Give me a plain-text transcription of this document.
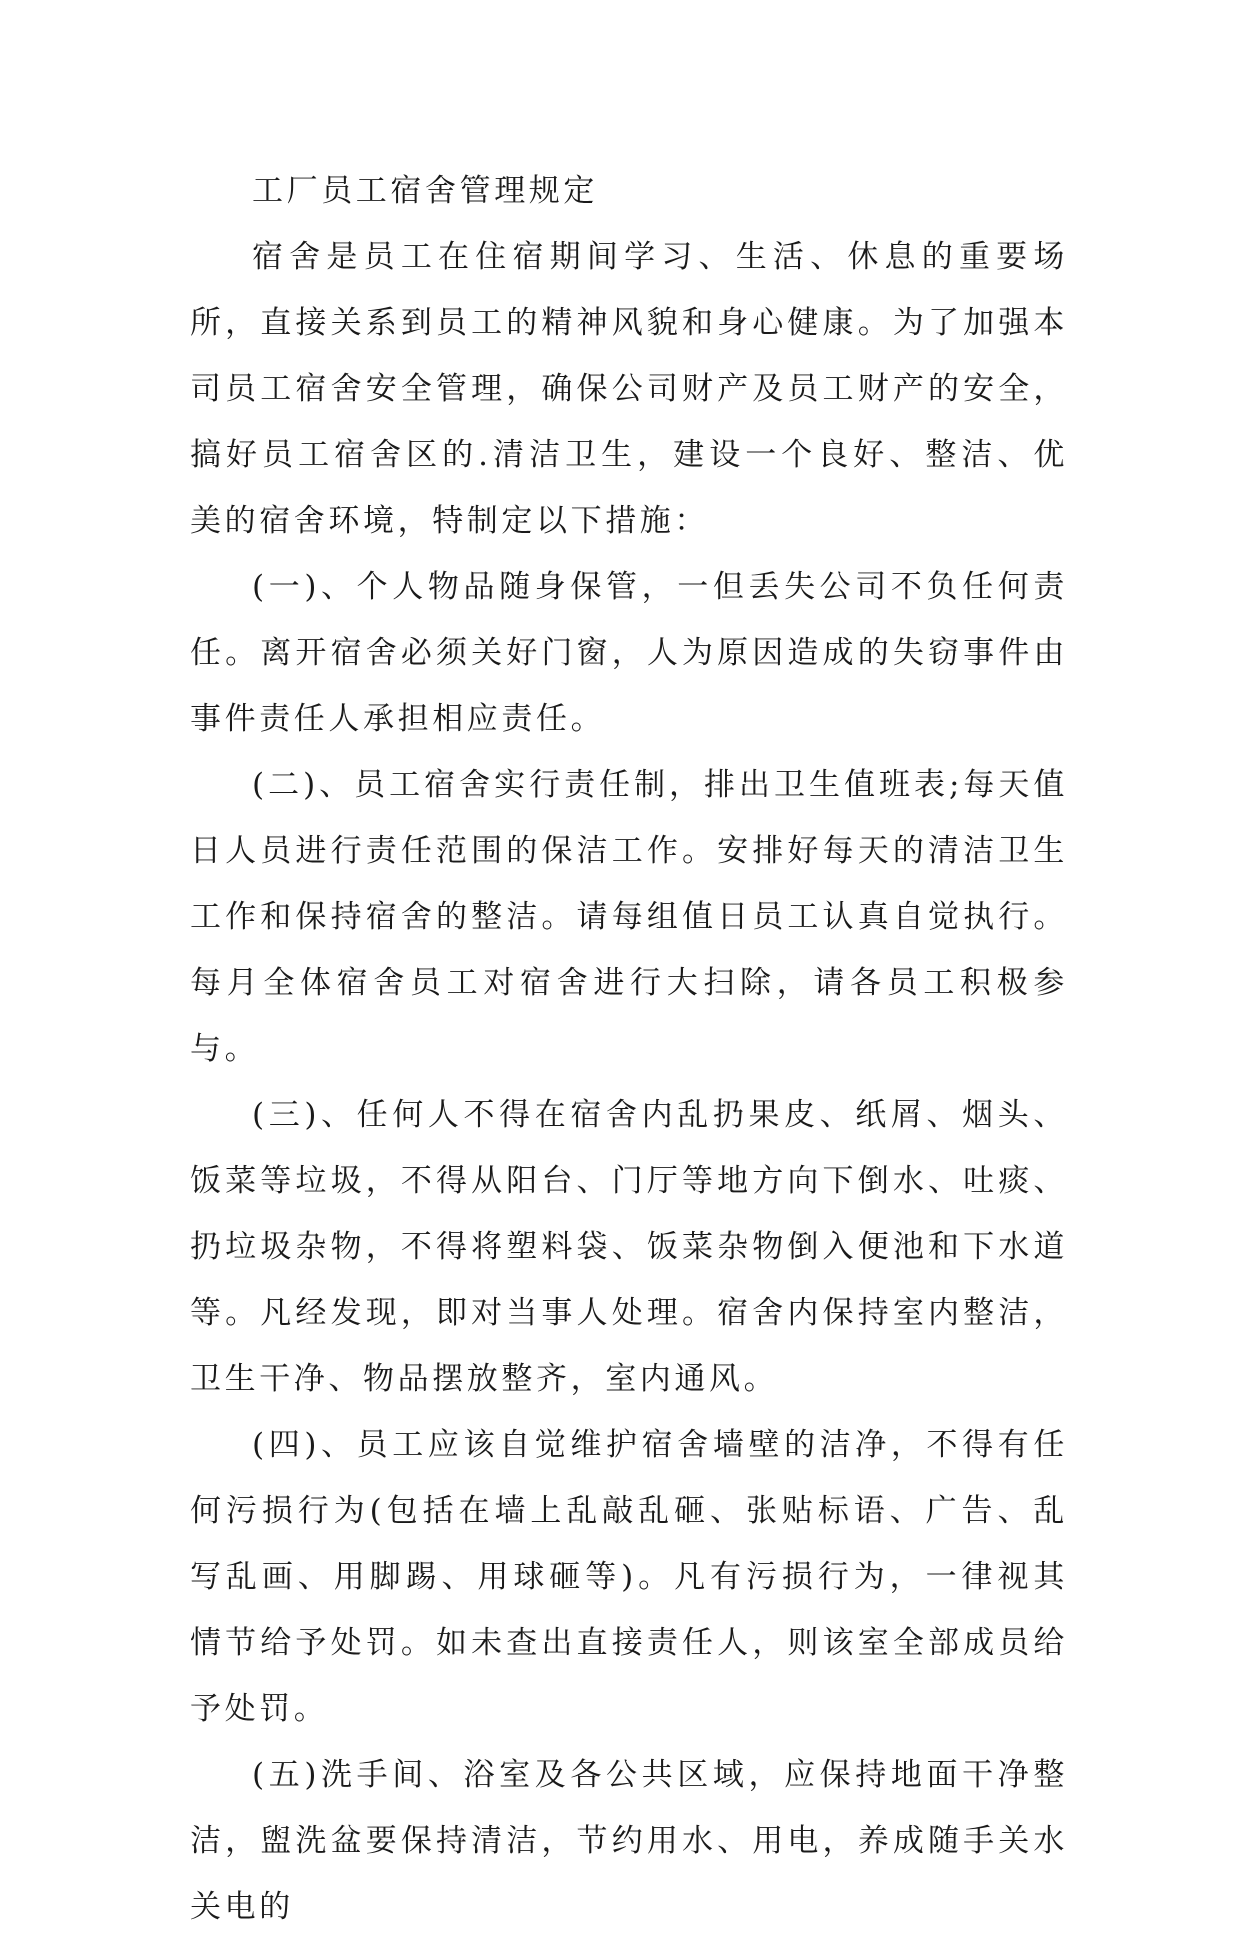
工厂员工宿舍管理规定

宿舍是员工在住宿期间学习、生活、休息的重要场所，直接关系到员工的精神风貌和身心健康。为了加强本司员工宿舍安全管理，确保公司财产及员工财产的安全，搞好员工宿舍区的.清洁卫生，建设一个良好、整洁、优美的宿舍环境，特制定以下措施：

(一)、个人物品随身保管，一但丢失公司不负任何责任。离开宿舍必须关好门窗，人为原因造成的失窃事件由事件责任人承担相应责任。

(二)、员工宿舍实行责任制，排出卫生值班表;每天值日人员进行责任范围的保洁工作。安排好每天的清洁卫生工作和保持宿舍的整洁。请每组值日员工认真自觉执行。每月全体宿舍员工对宿舍进行大扫除，请各员工积极参与。

(三)、任何人不得在宿舍内乱扔果皮、纸屑、烟头、饭菜等垃圾，不得从阳台、门厅等地方向下倒水、吐痰、扔垃圾杂物，不得将塑料袋、饭菜杂物倒入便池和下水道等。凡经发现，即对当事人处理。宿舍内保持室内整洁，卫生干净、物品摆放整齐，室内通风。

(四)、员工应该自觉维护宿舍墙壁的洁净，不得有任何污损行为(包括在墙上乱敲乱砸、张贴标语、广告、乱写乱画、用脚踢、用球砸等)。凡有污损行为，一律视其情节给予处罚。如未查出直接责任人，则该室全部成员给予处罚。

(五)洗手间、浴室及各公共区域，应保持地面干净整洁，盥洗盆要保持清洁，节约用水、用电，养成随手关水关电的
